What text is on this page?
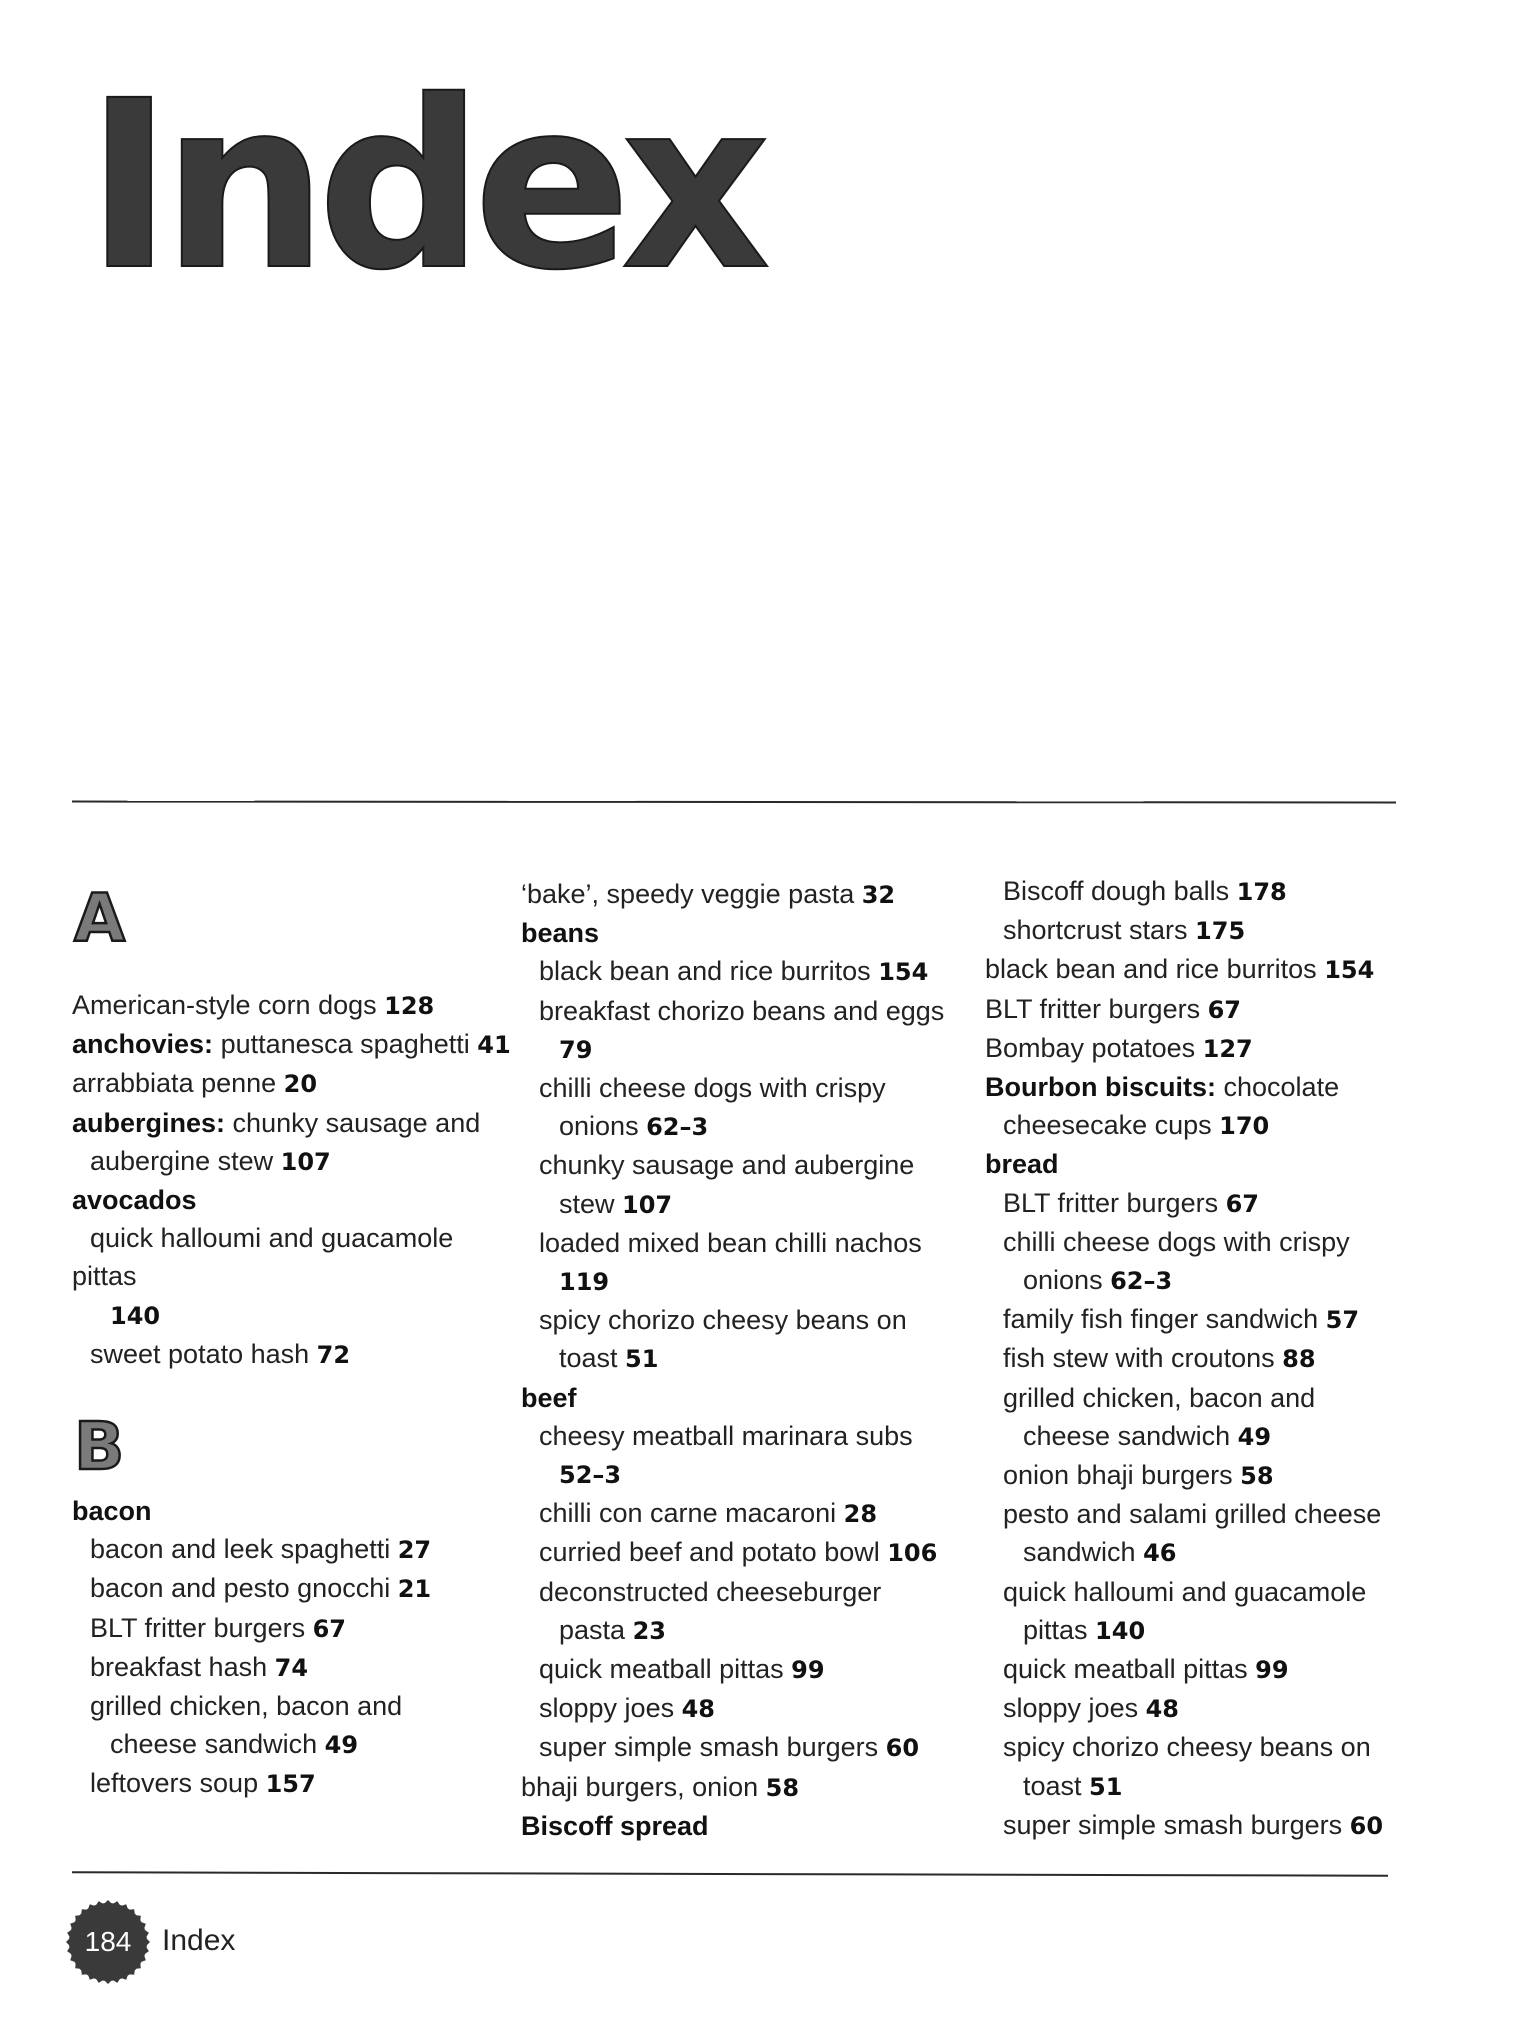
Index
A
American-style corn dogs 128
anchovies: puttanesca spaghetti 41
arrabbiata penne 20
aubergines: chunky sausage and
aubergine stew 107
avocados
quick halloumi and guacamole
pittas
140
sweet potato hash 72
bacon
bacon and leek spaghetti 27
bacon and pesto gnocchi 21
BLT fritter burgers 67
breakfast hash 74
grilled chicken, bacon and
cheese sandwich 49
leftovers soup 157
B
‘bake’, speedy veggie pasta 32
beans
black bean and rice burritos 154
breakfast chorizo beans and eggs
79
chilli cheese dogs with crispy
onions 62–3
chunky sausage and aubergine
stew 107
loaded mixed bean chilli nachos
119
spicy chorizo cheesy beans on
toast 51
beef
cheesy meatball marinara subs
52–3
chilli con carne macaroni 28
curried beef and potato bowl 106
deconstructed cheeseburger
pasta 23
quick meatball pittas 99
sloppy joes 48
super simple smash burgers 60
bhaji burgers, onion 58
Biscoff spread
Biscoff dough balls 178
shortcrust stars 175
black bean and rice burritos 154
BLT fritter burgers 67
Bombay potatoes 127
Bourbon biscuits: chocolate
cheesecake cups 170
bread
BLT fritter burgers 67
chilli cheese dogs with crispy
onions 62–3
family fish finger sandwich 57
fish stew with croutons 88
grilled chicken, bacon and
cheese sandwich 49
onion bhaji burgers 58
pesto and salami grilled cheese
sandwich 46
quick halloumi and guacamole
pittas 140
quick meatball pittas 99
sloppy joes 48
spicy chorizo cheesy beans on
toast 51
super simple smash burgers 60
184	Index
